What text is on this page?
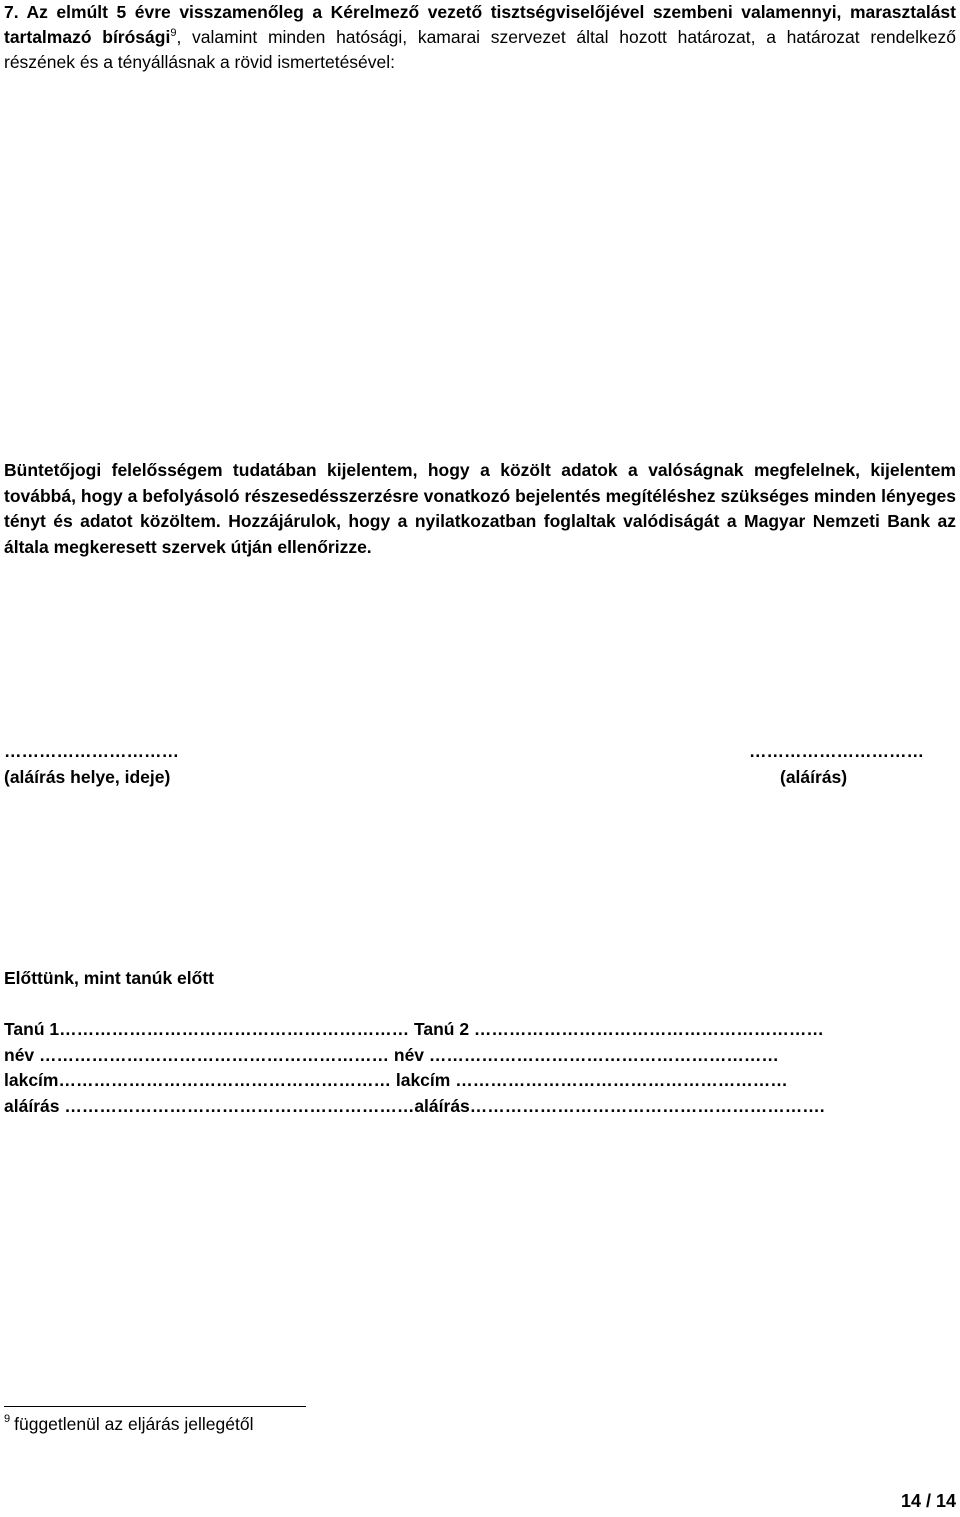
7. Az elmúlt 5 évre visszamenőleg a Kérelmező vezető tisztségviselőjével szembeni valamennyi, marasztalást tartalmazó bírósági$^9$, valamint minden hatósági, kamarai szervezet által hozott határozat, a határozat rendelkező részének és a tényállásnak a rövid ismertetésével:
Büntetőjogi felelősségem tudatában kijelentem, hogy a közölt adatok a valóságnak megfelelnek, kijelentem továbbá, hogy a befolyásoló részesedésszerzésre vonatkozó bejelentés megítéléshez szükséges minden lényeges tényt és adatot közöltem. Hozzájárulok, hogy a nyilatkozatban foglaltak valódiságát a Magyar Nemzeti Bank az általa megkeresett szervek útján ellenőrizze.
…………………………
(aláírás helye, ideje)
…………………………
(aláírás)
Előttünk, mint tanúk előtt
Tanú 1…………………………………………………… Tanú 2 ……………………………………………………
név …………………………………………………… név ……………………………………………………
lakcím………………………………………………… lakcím …………………………………………………
aláírás ……………………………………………………aláírás…………………………………………………….
$^9$ függetlenül az eljárás jellegétől
14 / 14
